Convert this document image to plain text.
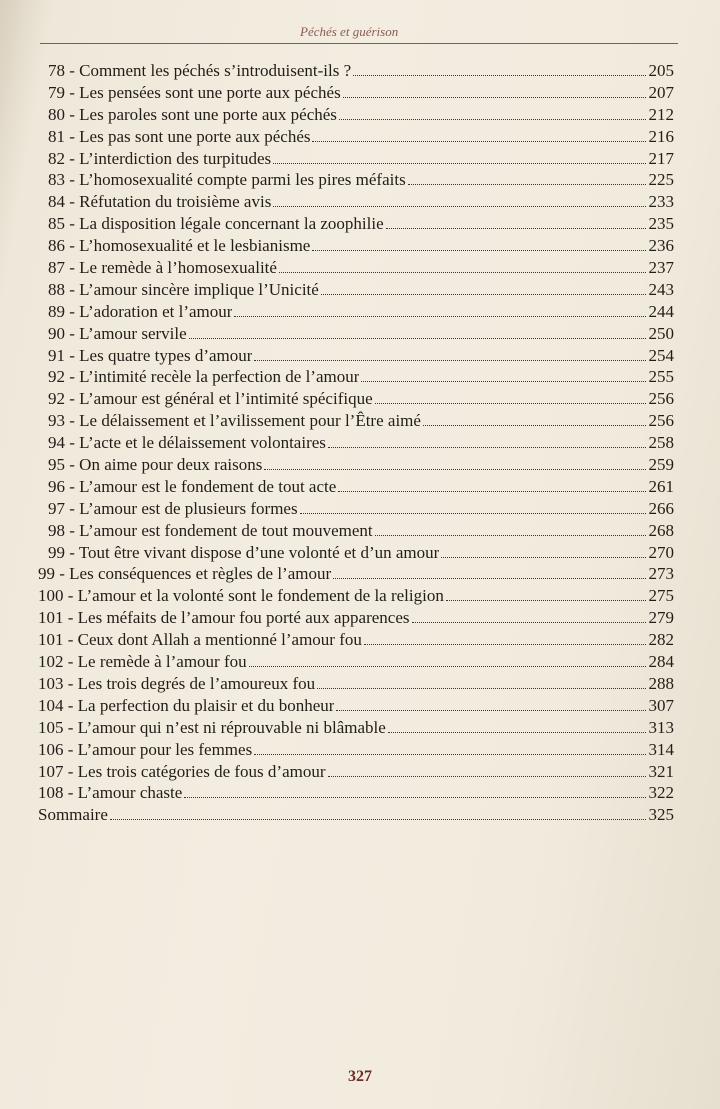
Péchés et guérison
78 - Comment les péchés s’introduisent-ils ?	205
79 - Les pensées sont une porte aux péchés	207
80 - Les paroles sont une porte aux péchés	212
81 - Les pas sont une porte aux péchés	216
82 - L’interdiction des turpitudes	217
83 - L’homosexualité compte parmi les pires méfaits	225
84 - Réfutation du troisième avis	233
85 - La disposition légale concernant la zoophilie	235
86 - L’homosexualité et le lesbianisme	236
87 - Le remède à l’homosexualité	237
88 - L’amour sincère implique l’Unicité	243
89 - L’adoration et l’amour	244
90 - L’amour servile	250
91 - Les quatre types d’amour	254
92 - L’intimité recèle la perfection de l’amour	255
92 - L’amour est général et l’intimité spécifique	256
93 - Le délaissement et l’avilissement pour l’Être aimé	256
94 - L’acte et le délaissement volontaires	258
95 - On aime pour deux raisons	259
96 - L’amour est le fondement de tout acte	261
97 - L’amour est de plusieurs formes	266
98 - L’amour est fondement de tout mouvement	268
99 - Tout être vivant dispose d’une volonté et d’un amour	270
99 - Les conséquences et règles de l’amour	273
100 - L’amour et la volonté sont le fondement de la religion	275
101 - Les méfaits de l’amour fou porté aux apparences	279
101 - Ceux dont Allah a mentionné l’amour fou	282
102 - Le remède à l’amour fou	284
103 - Les trois degrés de l’amoureux fou	288
104 - La perfection du plaisir et du bonheur	307
105 - L’amour qui n’est ni réprouvable ni blâmable	313
106 - L’amour pour les femmes	314
107 - Les trois catégories de fous d’amour	321
108 - L’amour chaste	322
Sommaire	325
327
